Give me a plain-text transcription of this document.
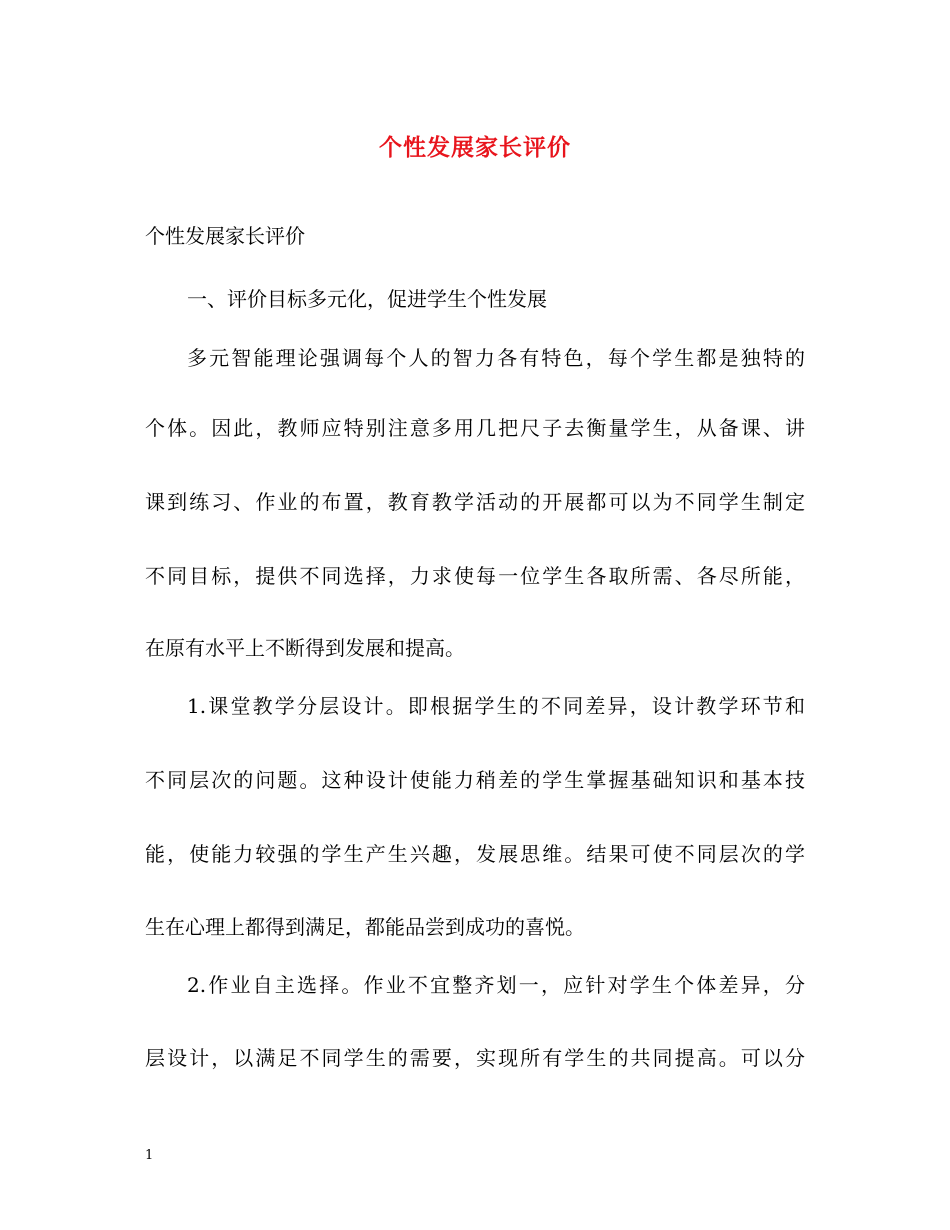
个性发展家长评价
个性发展家长评价
一、评价目标多元化，促进学生个性发展
多元智能理论强调每个人的智力各有特色，每个学生都是独特的
个体。因此，教师应特别注意多用几把尺子去衡量学生，从备课、讲
课到练习、作业的布置，教育教学活动的开展都可以为不同学生制定
不同目标，提供不同选择，力求使每一位学生各取所需、各尽所能，
在原有水平上不断得到发展和提高。
1.课堂教学分层设计。即根据学生的不同差异，设计教学环节和
不同层次的问题。这种设计使能力稍差的学生掌握基础知识和基本技
能，使能力较强的学生产生兴趣，发展思维。结果可使不同层次的学
生在心理上都得到满足，都能品尝到成功的喜悦。
2.作业自主选择。作业不宜整齐划一，应针对学生个体差异，分
层设计，以满足不同学生的需要，实现所有学生的共同提高。可以分
1
